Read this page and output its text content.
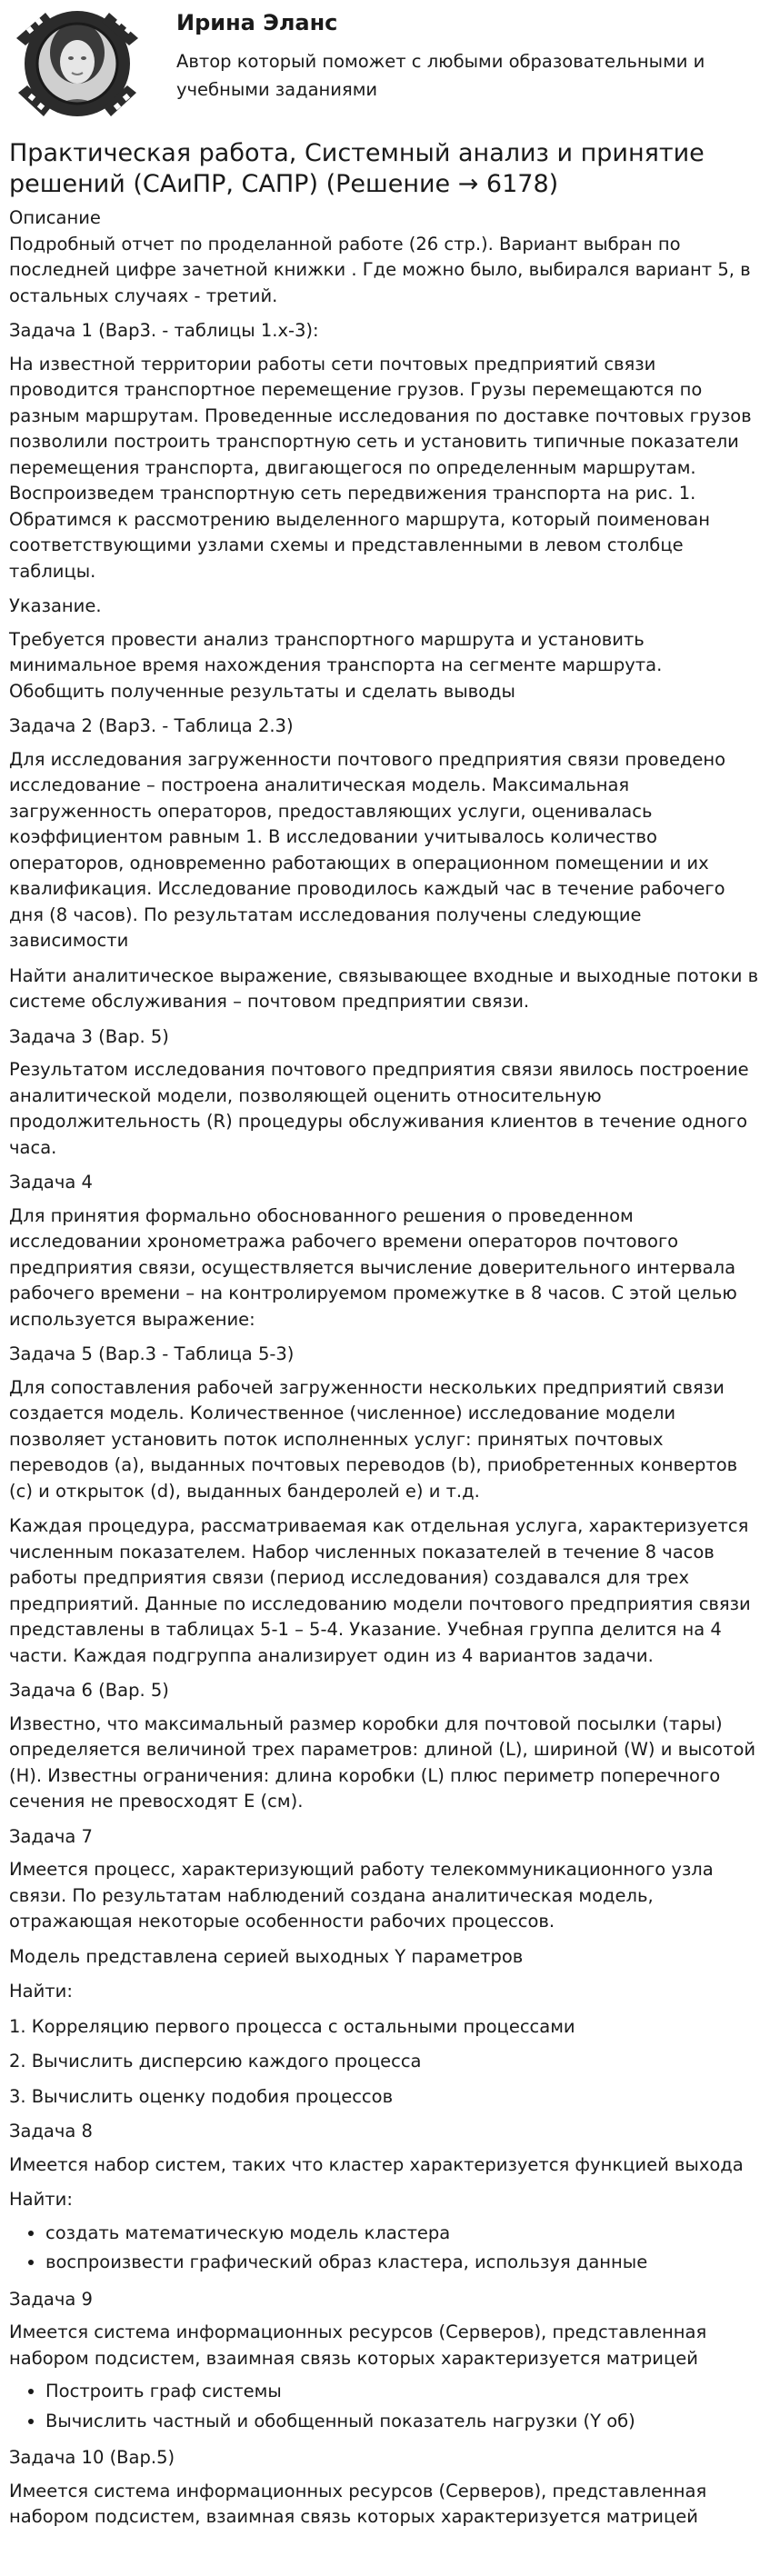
Ирина Эланс
Автор который поможет с любыми образовательными и учебными заданиями
Практическая работа, Системный анализ и принятие решений (САиПР, САПР) (Решение → 6178)
Описание

Подробный отчет по проделанной работе (26 стр.). Вариант выбран по последней цифре зачетной книжки . Где можно было, выбирался вариант 5, в остальных случаях - третий.

Задача 1 (Вар3. - таблицы 1.х-3):

На известной территории работы сети почтовых предприятий связи проводится транспортное перемещение грузов. Грузы перемещаются по разным маршрутам. Проведенные исследования по доставке почтовых грузов позволили построить транспортную сеть и установить типичные показатели перемещения транспорта, двигающегося по определенным маршрутам. Воспроизведем транспортную сеть передвижения транспорта на рис. 1. Обратимся к рассмотрению выделенного маршрута, который поименован соответствующими узлами схемы и представленными в левом столбце таблицы.

Указание.

Требуется провести анализ транспортного маршрута и установить минимальное время нахождения транспорта на сегменте маршрута. Обобщить полученные результаты и сделать выводы

Задача 2 (Вар3. - Таблица 2.3)

Для исследования загруженности почтового предприятия связи проведено исследование – построена аналитическая модель. Максимальная загруженность операторов, предоставляющих услуги, оценивалась коэффициентом равным 1. В исследовании учитывалось количество операторов, одновременно работающих в операционном помещении и их квалификация. Исследование проводилось каждый час в течение рабочего дня (8 часов). По результатам исследования получены следующие зависимости

Найти аналитическое выражение, связывающее входные и выходные потоки в системе обслуживания – почтовом предприятии связи.

Задача 3 (Вар. 5)

Результатом исследования почтового предприятия связи явилось построение аналитической модели, позволяющей оценить относительную продолжительность (R) процедуры обслуживания клиентов в течение одного часа.

Задача 4

Для принятия формально обоснованного решения о проведенном исследовании хронометража рабочего времени операторов почтового предприятия связи, осуществляется вычисление доверительного интервала рабочего времени – на контролируемом промежутке в 8 часов. С этой целью используется выражение:

Задача 5 (Вар.3 - Таблица 5-3)

Для сопоставления рабочей загруженности нескольких предприятий связи создается модель. Количественное (численное) исследование модели позволяет установить поток исполненных услуг: принятых почтовых переводов (а), выданных почтовых переводов (b), приобретенных конвертов (с) и открыток (d), выданных бандеролей е) и т.д.

Каждая процедура, рассматриваемая как отдельная услуга, характеризуется численным показателем. Набор численных показателей в течение 8 часов работы предприятия связи (период исследования) создавался для трех предприятий. Данные по исследованию модели почтового предприятия связи представлены в таблицах 5-1 – 5-4. Указание. Учебная группа делится на 4 части. Каждая подгруппа анализирует один из 4 вариантов задачи.

Задача 6 (Вар. 5)

Известно, что максимальный размер коробки для почтовой посылки (тары) определяется величиной трех параметров: длиной (L), шириной (W) и высотой (H). Известны ограничения: длина коробки (L) плюс периметр поперечного сечения не превосходят E (см).

Задача 7

Имеется процесс, характеризующий работу телекоммуникационного узла связи. По результатам наблюдений создана аналитическая модель, отражающая некоторые особенности рабочих процессов.

Модель представлена серией выходных Y параметров

Найти:

1. Корреляцию первого процесса с остальными процессами

2. Вычислить дисперсию каждого процесса

3. Вычислить оценку подобия процессов

Задача 8

Имеется набор систем, таких что кластер характеризуется функцией выхода

Найти:

• создать математическую модель кластера
• воспроизвести графический образ кластера, используя данные

Задача 9

Имеется система информационных ресурсов (Серверов), представленная набором подсистем, взаимная связь которых характеризуется матрицей

• Построить граф системы
• Вычислить частный и обобщенный показатель нагрузки (Y об)

Задача 10 (Вар.5)

Имеется система информационных ресурсов (Серверов), представленная набором подсистем, взаимная связь которых характеризуется матрицей
